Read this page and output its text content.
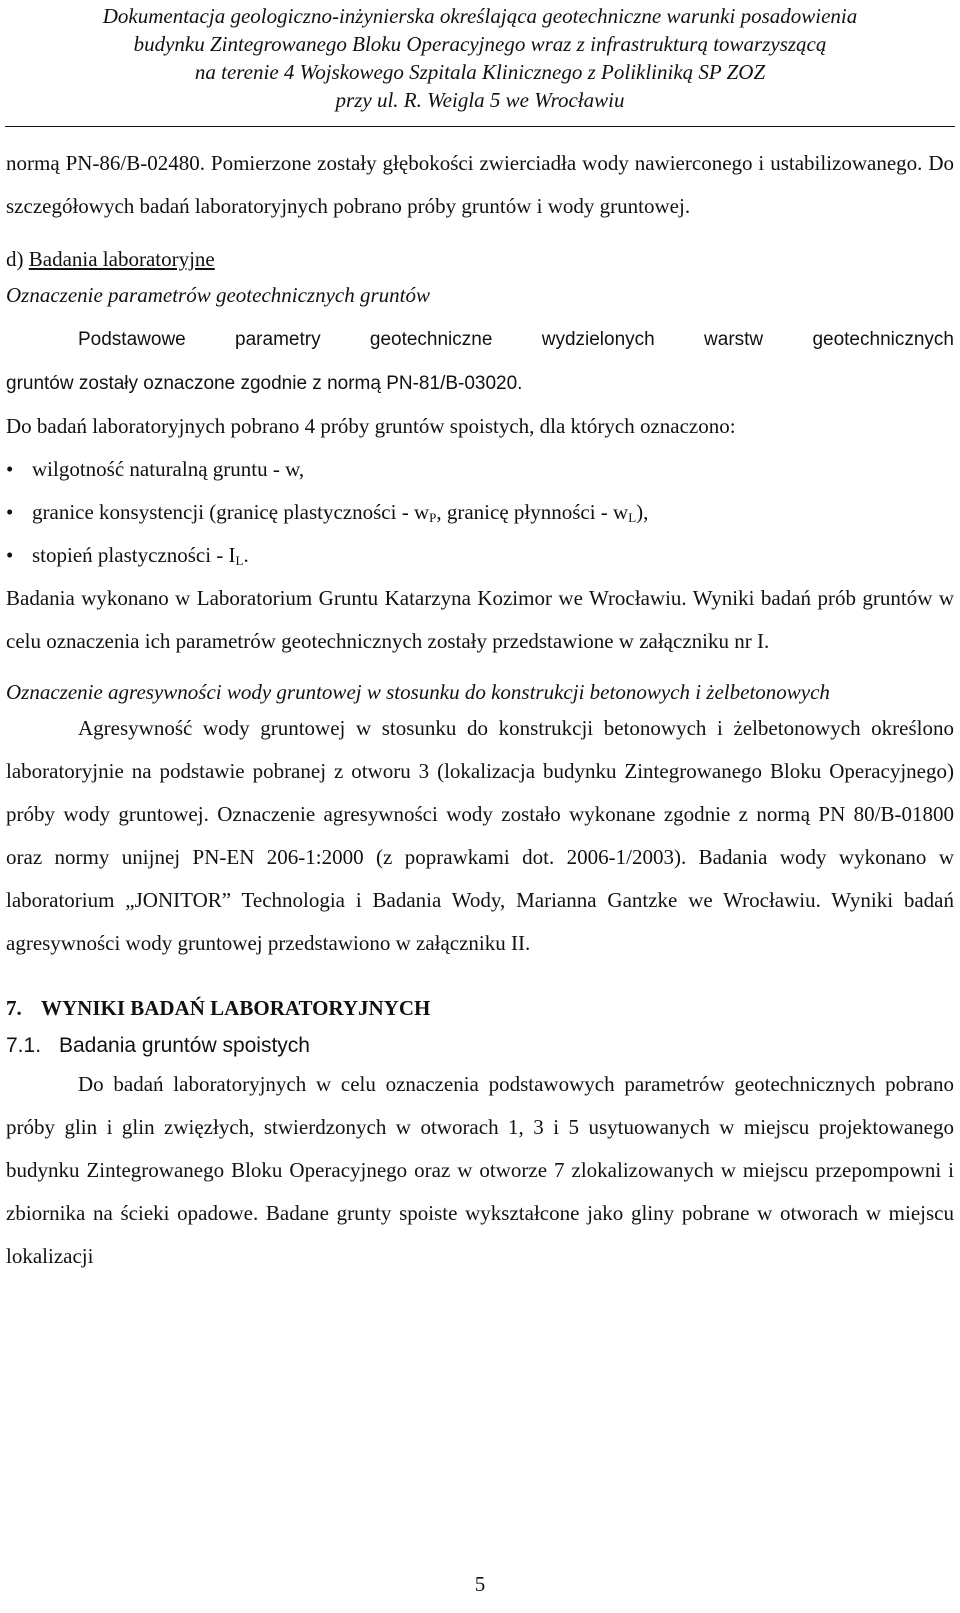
Dokumentacja geologiczno-inżynierska określająca geotechniczne warunki posadowienia
budynku Zintegrowanego Bloku Operacyjnego wraz z infrastrukturą towarzyszącą
na terenie 4 Wojskowego Szpitala Klinicznego z Polikliniką SP ZOZ
przy ul. R. Weigla 5 we Wrocławiu

normą PN-86/B-02480. Pomierzone zostały głębokości zwierciadła wody nawierconego i ustabilizowanego. Do szczegółowych badań laboratoryjnych pobrano próby gruntów i wody gruntowej.

d) Badania laboratoryjne

Oznaczenie parametrów geotechnicznych gruntów

Podstawowe parametry geotechniczne wydzielonych warstw geotechnicznych

gruntów zostały oznaczone zgodnie z normą PN-81/B-03020.

Do badań laboratoryjnych pobrano 4 próby gruntów spoistych, dla których oznaczono:

• wilgotność naturalną gruntu - w,
• granice konsystencji (granicę plastyczności - $w_P$, granicę płynności - $w_L$),
• stopień plastyczności - $I_L$.

Badania wykonano w Laboratorium Gruntu Katarzyna Kozimor we Wrocławiu. Wyniki badań prób gruntów w celu oznaczenia ich parametrów geotechnicznych zostały przedstawione w załączniku nr I.

Oznaczenie agresywności wody gruntowej w stosunku do konstrukcji betonowych i żelbetonowych

Agresywność wody gruntowej w stosunku do konstrukcji betonowych i żelbetonowych określono laboratoryjnie na podstawie pobranej z otworu 3 (lokalizacja budynku Zintegrowanego Bloku Operacyjnego) próby wody gruntowej. Oznaczenie agresywności wody zostało wykonane zgodnie z normą PN 80/B-01800 oraz normy unijnej PN-EN 206-1:2000 (z poprawkami dot. 2006-1/2003). Badania wody wykonano w laboratorium „JONITOR” Technologia i Badania Wody, Marianna Gantzke we Wrocławiu. Wyniki badań agresywności wody gruntowej przedstawiono w załączniku II.

7. WYNIKI BADAŃ LABORATORYJNYCH

7.1. Badania gruntów spoistych

Do badań laboratoryjnych w celu oznaczenia podstawowych parametrów geotechnicznych pobrano próby glin i glin zwięzłych, stwierdzonych w otworach 1, 3 i 5 usytuowanych w miejscu projektowanego budynku Zintegrowanego Bloku Operacyjnego oraz w otworze 7 zlokalizowanych w miejscu przepompowni i zbiornika na ścieki opadowe. Badane grunty spoiste wykształcone jako gliny pobrane w otworach w miejscu lokalizacji

5
